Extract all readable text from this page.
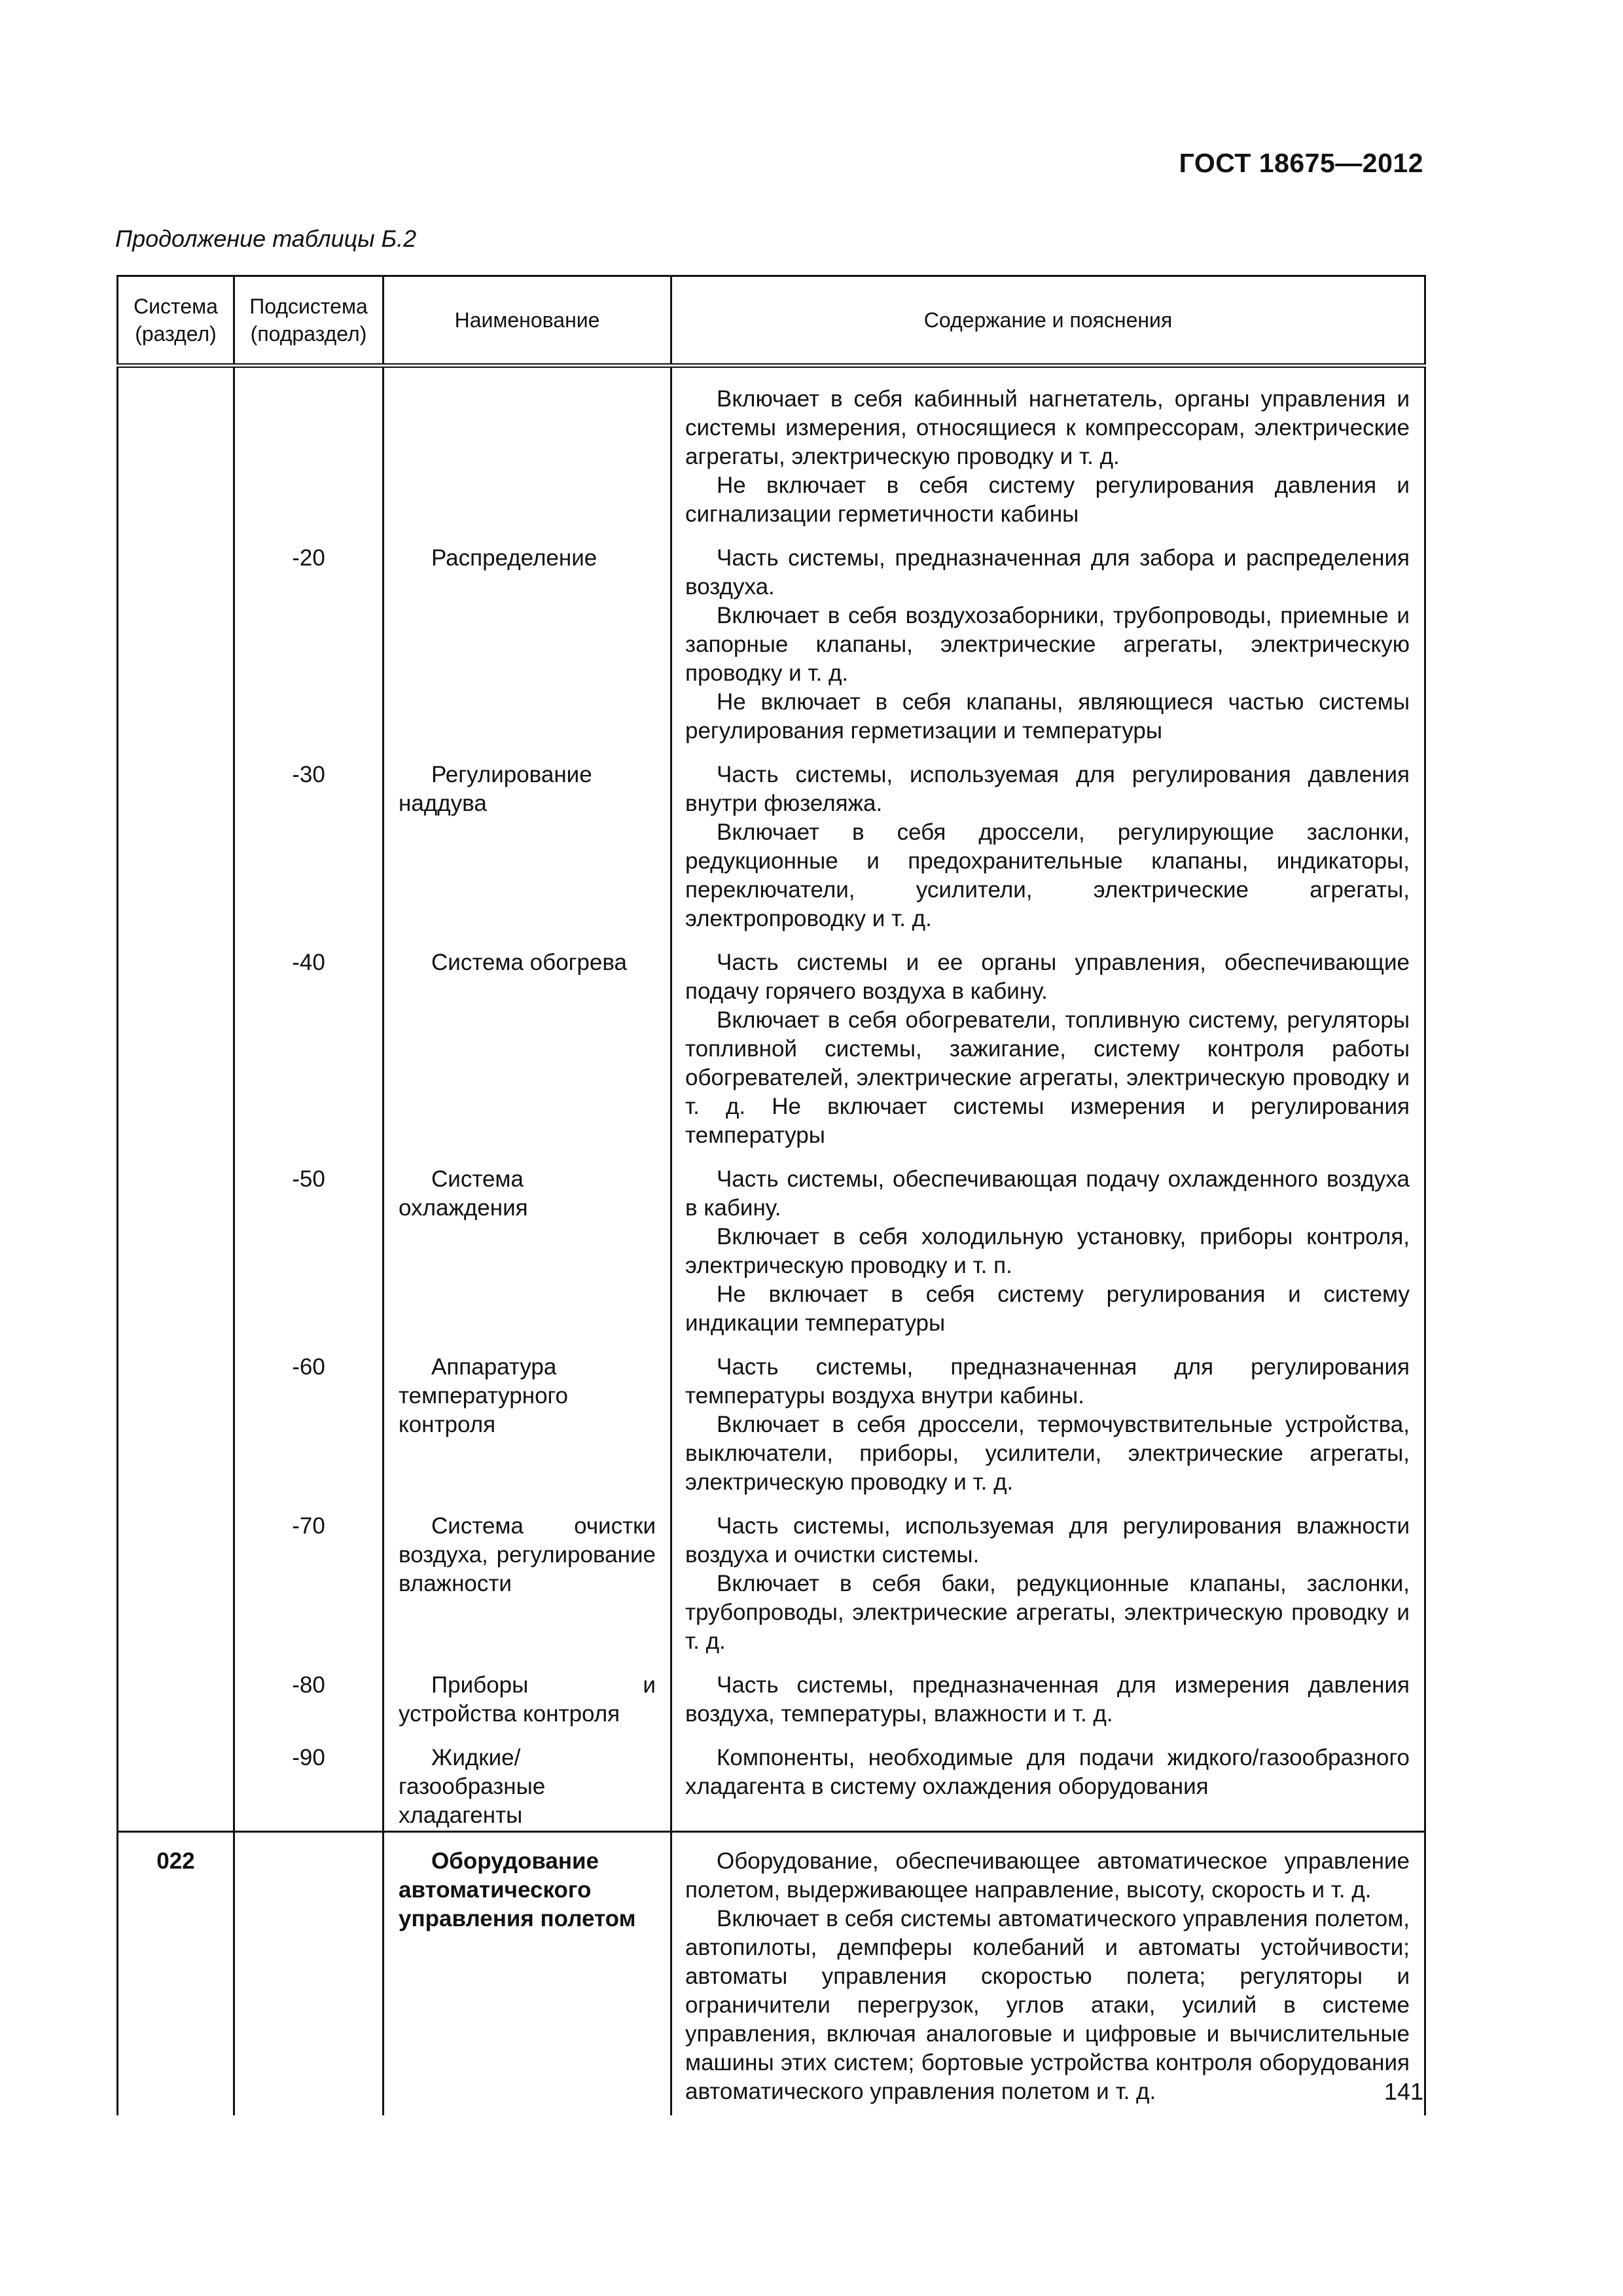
ГОСТ 18675—2012
Продолжение таблицы Б.2
Система (раздел)	Подсистема (подраздел)	Наименование	Содержание и пояснения

			Включает в себя кабинный нагнетатель, органы управления и системы измерения, относящиеся к компрессорам, электрические агрегаты, электрическую проводку и т. д.

Не включает в себя систему регулирования давления и сигнализации герметичности кабины

	-20	Распределение	Часть системы, предназначенная для забора и распределения воздуха.

Включает в себя воздухозаборники, трубопроводы, приемные и запорные клапаны, электрические агрегаты, электрическую проводку и т. д.

Не включает в себя клапаны, являющиеся частью системы регулирования герметизации и температуры

	-30	Регулирование наддува	Часть системы, используемая для регулирования давления внутри фюзеляжа.

Включает в себя дроссели, регулирующие заслонки, редукционные и предохранительные клапаны, индикаторы, переключатели, усилители, электрические агрегаты, электропроводку и т. д.

	-40	Система обогрева	Часть системы и ее органы управления, обеспечивающие подачу горячего воздуха в кабину.

Включает в себя обогреватели, топливную систему, регуляторы топливной системы, зажигание, систему контроля работы обогревателей, электрические агрегаты, электрическую проводку и т. д. Не включает системы измерения и регулирования температуры

	-50	Система охлаждения	Часть системы, обеспечивающая подачу охлажденного воздуха в кабину.

Включает в себя холодильную установку, приборы контроля, электрическую проводку и т. п.

Не включает в себя систему регулирования и систему индикации температуры

	-60	Аппаратура температурного контроля	Часть системы, предназначенная для регулирования температуры воздуха внутри кабины.

Включает в себя дроссели, термочувствительные устройства, выключатели, приборы, усилители, электрические агрегаты, электрическую проводку и т. д.

	-70	Система очистки воздуха, регулирование влажности	Часть системы, используемая для регулирования влажности воздуха и очистки системы.

Включает в себя баки, редукционные клапаны, заслонки, трубопроводы, электрические агрегаты, электрическую проводку и т. д.

	-80	Приборы и устройства контроля	Часть системы, предназначенная для измерения давления воздуха, температуры, влажности и т. д.

	-90	Жидкие/газообразные хладагенты	Компоненты, необходимые для подачи жидкого/газообразного хладагента в систему охлаждения оборудования

022		Оборудование автоматического управления полетом	Оборудование, обеспечивающее автоматическое управление полетом, выдерживающее направление, высоту, скорость и т. д.

Включает в себя системы автоматического управления полетом, автопилоты, демпферы колебаний и автоматы устойчивости; автоматы управления скоростью полета; регуляторы и ограничители перегрузок, углов атаки, усилий в системе управления, включая аналоговые и цифровые и вычислительные машины этих систем; бортовые устройства контроля оборудования автоматического управления полетом и т. д.	141
